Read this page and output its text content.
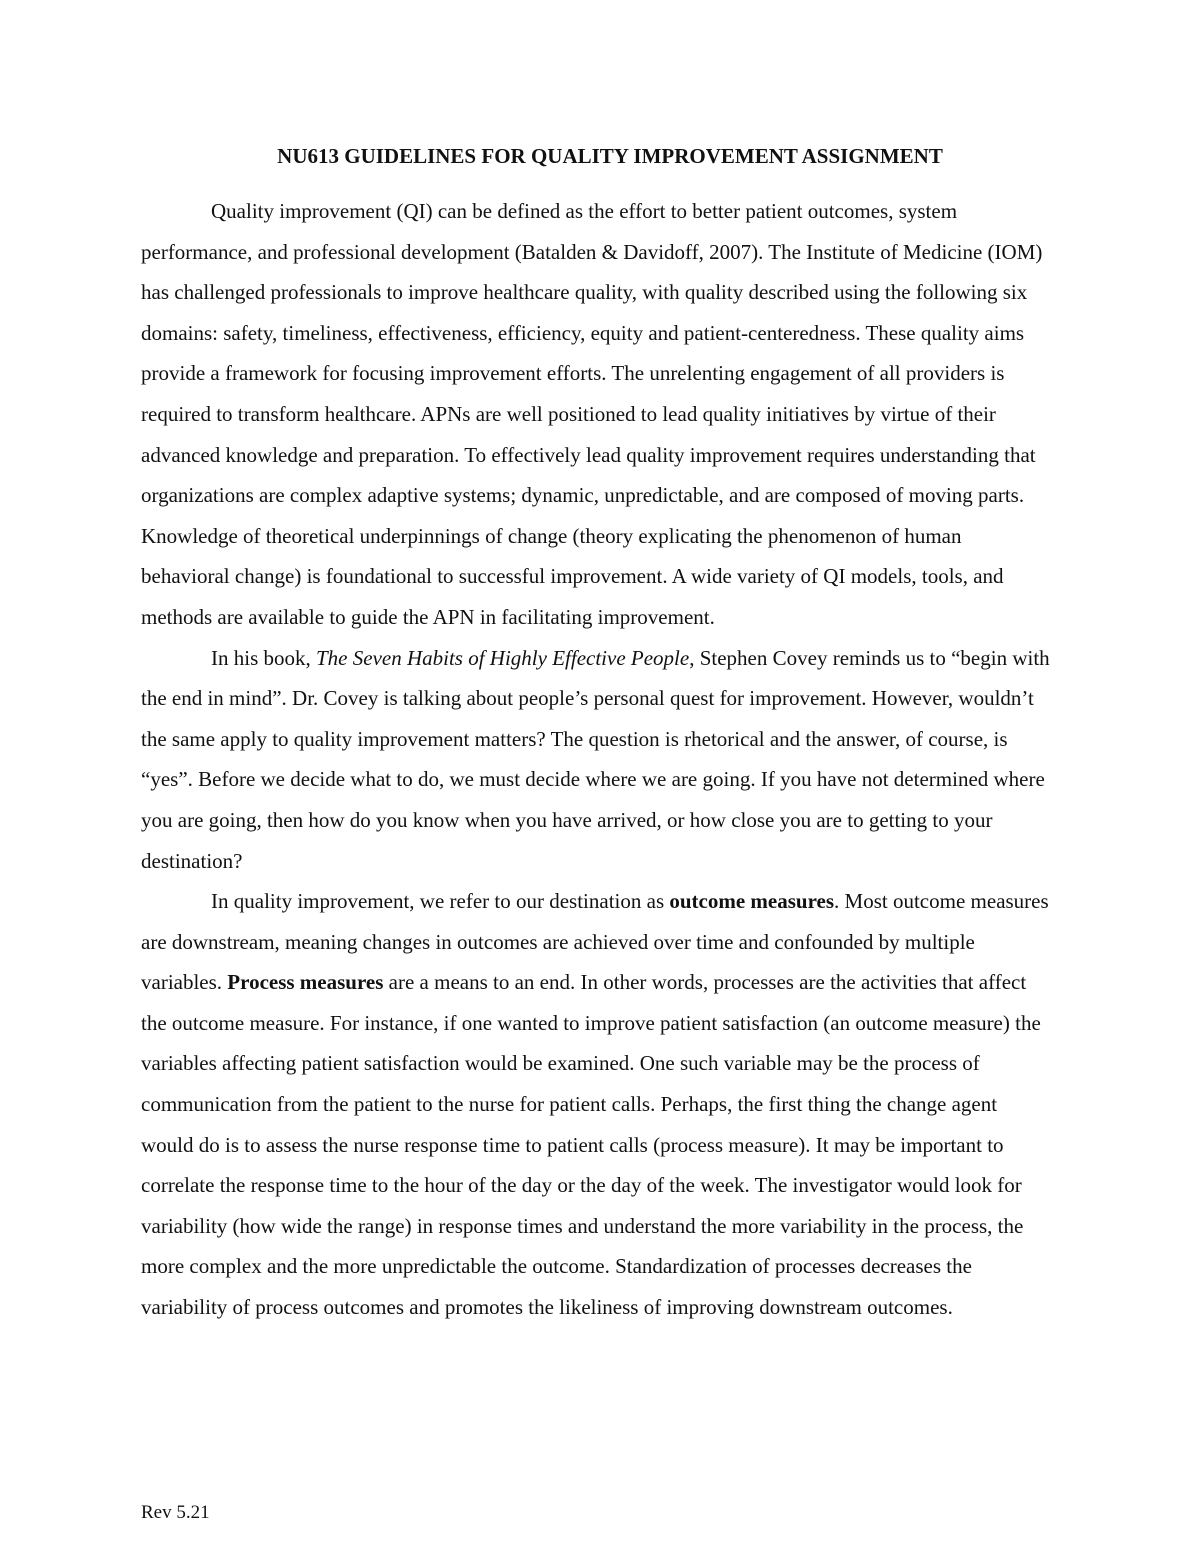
NU613 GUIDELINES FOR QUALITY IMPROVEMENT ASSIGNMENT

Quality improvement (QI) can be defined as the effort to better patient outcomes, system performance, and professional development (Batalden & Davidoff, 2007). The Institute of Medicine (IOM) has challenged professionals to improve healthcare quality, with quality described using the following six domains: safety, timeliness, effectiveness, efficiency, equity and patient-centeredness. These quality aims provide a framework for focusing improvement efforts. The unrelenting engagement of all providers is required to transform healthcare. APNs are well positioned to lead quality initiatives by virtue of their advanced knowledge and preparation. To effectively lead quality improvement requires understanding that organizations are complex adaptive systems; dynamic, unpredictable, and are composed of moving parts. Knowledge of theoretical underpinnings of change (theory explicating the phenomenon of human behavioral change) is foundational to successful improvement. A wide variety of QI models, tools, and methods are available to guide the APN in facilitating improvement.

In his book, The Seven Habits of Highly Effective People, Stephen Covey reminds us to “begin with the end in mind”. Dr. Covey is talking about people’s personal quest for improvement. However, wouldn’t the same apply to quality improvement matters? The question is rhetorical and the answer, of course, is “yes”. Before we decide what to do, we must decide where we are going. If you have not determined where you are going, then how do you know when you have arrived, or how close you are to getting to your destination?

In quality improvement, we refer to our destination as outcome measures. Most outcome measures are downstream, meaning changes in outcomes are achieved over time and confounded by multiple variables. Process measures are a means to an end. In other words, processes are the activities that affect the outcome measure. For instance, if one wanted to improve patient satisfaction (an outcome measure) the variables affecting patient satisfaction would be examined. One such variable may be the process of communication from the patient to the nurse for patient calls. Perhaps, the first thing the change agent would do is to assess the nurse response time to patient calls (process measure). It may be important to correlate the response time to the hour of the day or the day of the week. The investigator would look for variability (how wide the range) in response times and understand the more variability in the process, the more complex and the more unpredictable the outcome. Standardization of processes decreases the variability of process outcomes and promotes the likeliness of improving downstream outcomes.

Rev 5.21
